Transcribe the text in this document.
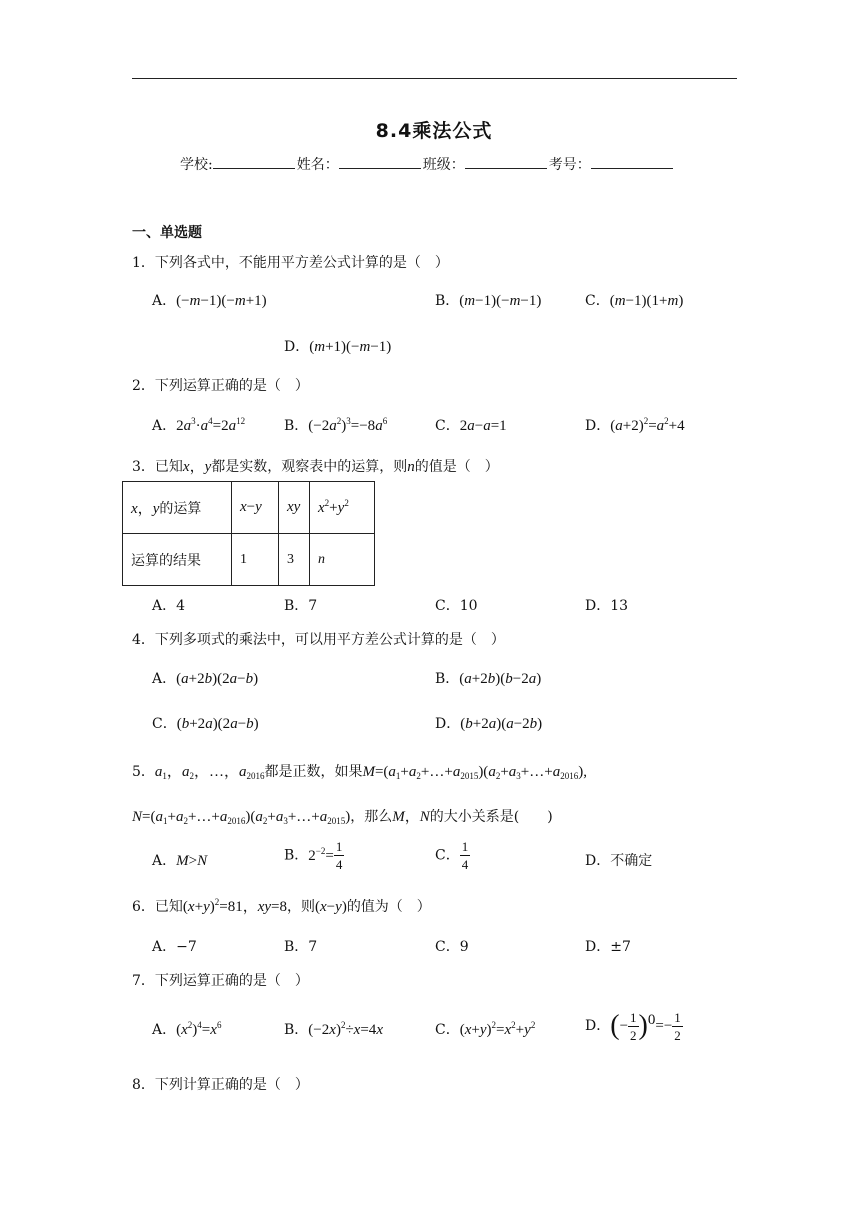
8.4乘法公式
学校:	姓名：	班级：	考号：
一、单选题
1．下列各式中，不能用平方差公式计算的是（　）
A．(−m−1)(−m+1)	B．(m−1)(−m−1)	C．(m−1)(1+m)
D．(m+1)(−m−1)
2．下列运算正确的是（　）
A．$2a^3\cdot a^4=2a^{12}$	B．$(-2a^2)^3=-8a^6$	C．2a−a=1	D．$(a+2)^2=a^2+4$
3．已知x，y都是实数，观察表中的运算，则n的值是（　）
x，y的运算	x−y	xy	$x^2+y^2$
运算的结果	1	3	n
A．4	B．7	C．10	D．13
4．下列多项式的乘法中，可以用平方差公式计算的是（　）
A．(a+2b)(2a−b)	B．(a+2b)(b−2a)
C．(b+2a)(2a−b)	D．(b+2a)(a−2b)
5．$a_1$，$a_2$，…，$a_{2016}$都是正数，如果$M=(a_1+a_2+\dots+a_{2015})(a_2+a_3+\dots+a_{2016})$,
$N=(a_1+a_2+\dots+a_{2016})(a_2+a_3+\dots+a_{2015})$，那么M，N的大小关系是(　　)
A．M>N	B．$2^{-2}= \frac{1}{4}$	C． $\frac{1}{4}$	D．不确定
6．已知$(x+y)^2=81$，xy=8，则(x−y)的值为（　）
A．−7	B．7	C．9	D．±7
7．下列运算正确的是（　）
A．$(x^2)^4=x^6$	B．$(-2x)^2\div x=4x$	C．$(x+y)^2=x^2+y^2$	D．(− $\frac{1}{2} )^0=- \frac{1}{2}$
8．下列计算正确的是（　）
